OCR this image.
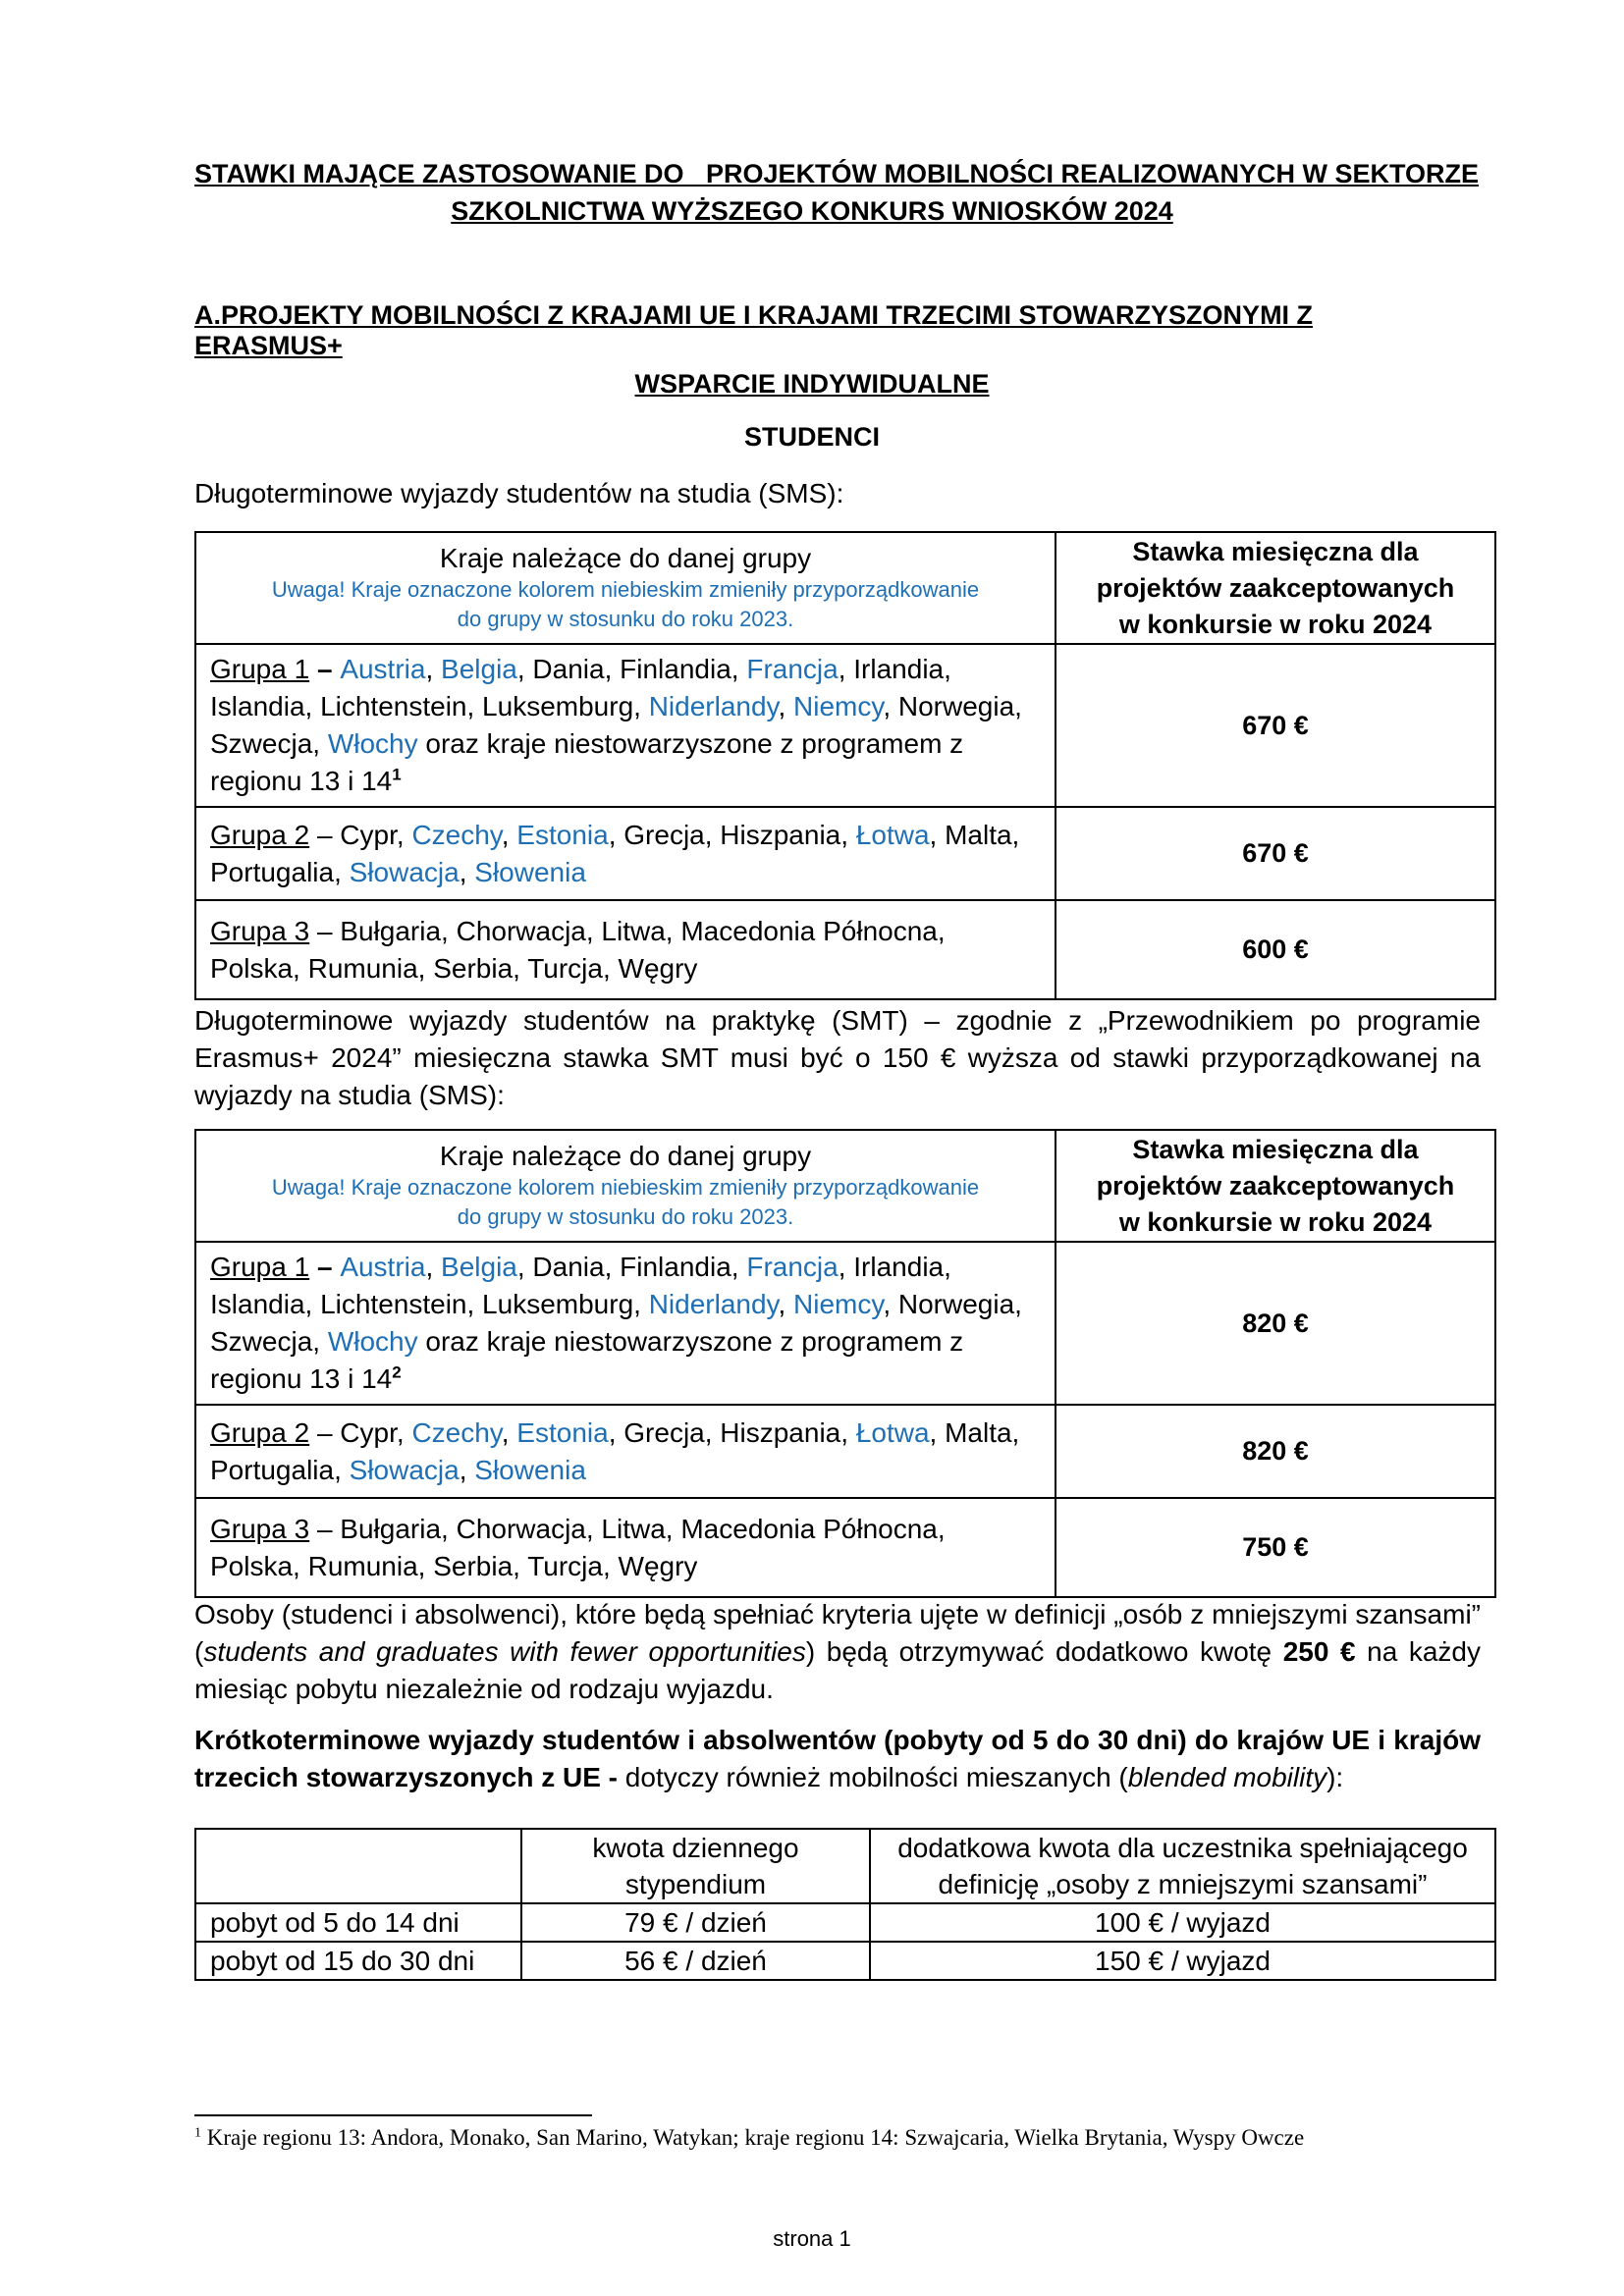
STAWKI MAJĄCE ZASTOSOWANIE DO   PROJEKTÓW MOBILNOŚCI REALIZOWANYCH W SEKTORZE
SZKOLNICTWA WYŻSZEGO KONKURS WNIOSKÓW 2024
A.PROJEKTY MOBILNOŚCI Z KRAJAMI UE I KRAJAMI TRZECIMI STOWARZYSZONYMI Z ERASMUS+
WSPARCIE INDYWIDUALNE
STUDENCI
Długoterminowe wyjazdy studentów na studia (SMS):
Kraje należące do danej grupy
Uwaga! Kraje oznaczone kolorem niebieskim zmieniły przyporządkowanie
do grupy w stosunku do roku 2023.	Stawka miesięczna dla
projektów zaakceptowanych
w konkursie w roku 2024
Grupa 1 – Austria, Belgia, Dania, Finlandia, Francja, Irlandia, Islandia, Lichtenstein, Luksemburg, Niderlandy, Niemcy, Norwegia, Szwecja, Włochy oraz kraje niestowarzyszone z programem z regionu 13 i $14^1$	670 €
Grupa 2 – Cypr, Czechy, Estonia, Grecja, Hiszpania, Łotwa, Malta, Portugalia, Słowacja, Słowenia	670 €
Grupa 3 – Bułgaria, Chorwacja, Litwa, Macedonia Północna, Polska, Rumunia, Serbia, Turcja, Węgry	600 €
Długoterminowe wyjazdy studentów na praktykę (SMT) – zgodnie z „Przewodnikiem po programie Erasmus+ 2024” miesięczna stawka SMT musi być o 150 € wyższa od stawki przyporządkowanej na wyjazdy na studia (SMS):
Kraje należące do danej grupy
Uwaga! Kraje oznaczone kolorem niebieskim zmieniły przyporządkowanie
do grupy w stosunku do roku 2023.	Stawka miesięczna dla
projektów zaakceptowanych
w konkursie w roku 2024
Grupa 1 – Austria, Belgia, Dania, Finlandia, Francja, Irlandia, Islandia, Lichtenstein, Luksemburg, Niderlandy, Niemcy, Norwegia, Szwecja, Włochy oraz kraje niestowarzyszone z programem z regionu 13 i $14^2$	820 €
Grupa 2 – Cypr, Czechy, Estonia, Grecja, Hiszpania, Łotwa, Malta, Portugalia, Słowacja, Słowenia	820 €
Grupa 3 – Bułgaria, Chorwacja, Litwa, Macedonia Północna, Polska, Rumunia, Serbia, Turcja, Węgry	750 €
Osoby (studenci i absolwenci), które będą spełniać kryteria ujęte w definicji „osób z mniejszymi szansami” (students and graduates with fewer opportunities) będą otrzymywać dodatkowo kwotę 250 € na każdy miesiąc pobytu niezależnie od rodzaju wyjazdu.
Krótkoterminowe wyjazdy studentów i absolwentów (pobyty od 5 do 30 dni) do krajów UE i krajów trzecich stowarzyszonych z UE - dotyczy również mobilności mieszanych (blended mobility):
	kwota dziennego
stypendium	dodatkowa kwota dla uczestnika spełniającego
definicję „osoby z mniejszymi szansami”
pobyt od 5 do 14 dni	79 € / dzień	100 € / wyjazd
pobyt od 15 do 30 dni	56 € / dzień	150 € / wyjazd
$^1$ Kraje regionu 13: Andora, Monako, San Marino, Watykan; kraje regionu 14: Szwajcaria, Wielka Brytania, Wyspy Owcze
strona 1
